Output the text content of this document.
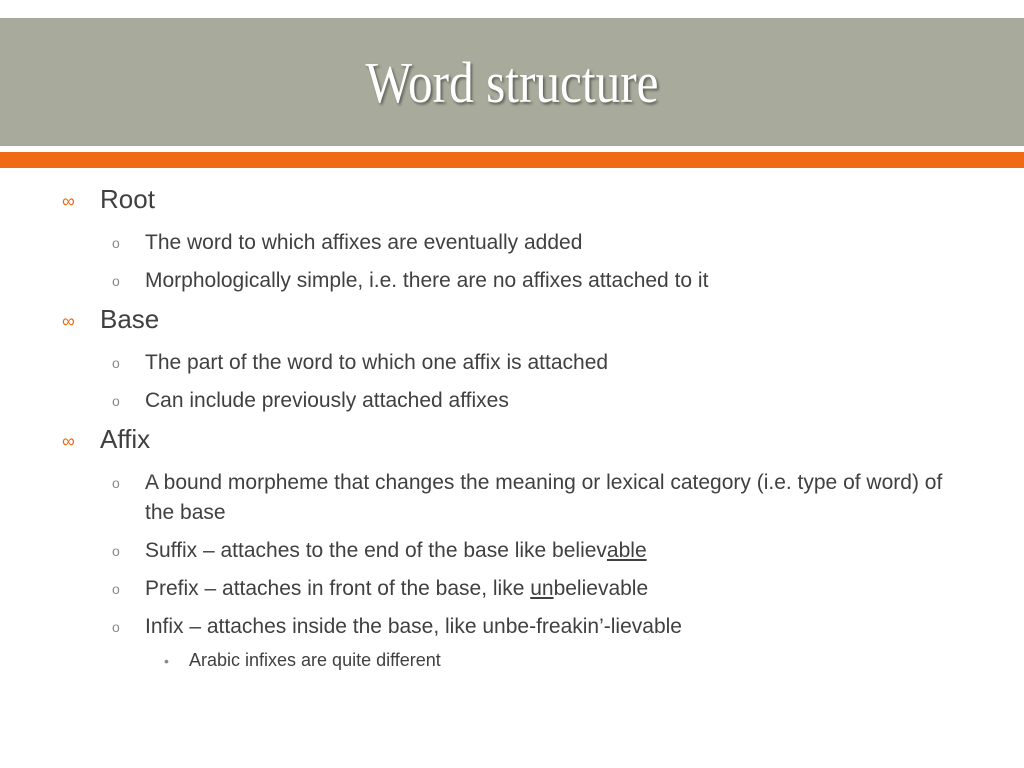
Word structure
∞ Root
o The word to which affixes are eventually added
o Morphologically simple, i.e. there are no affixes attached to it
∞ Base
o The part of the word to which one affix is attached
o Can include previously attached affixes
∞ Affix
o A bound morpheme that changes the meaning or lexical category (i.e. type of word) of the base
o Suffix – attaches to the end of the base like believable
o Prefix – attaches in front of the base, like unbelievable
o Infix – attaches inside the base, like unbe-freakin’-lievable
• Arabic infixes are quite different
